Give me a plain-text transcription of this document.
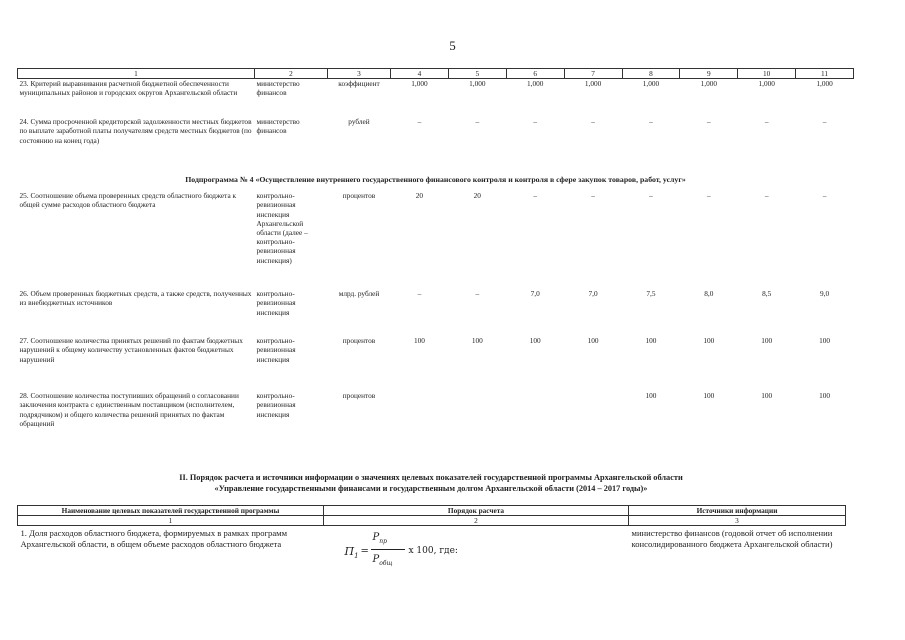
5
1	2	3	4	5	6	7	8	9	10	11
23. Критерий выравнивания расчетной бюджетной обеспеченности муниципальных районов и городских округов Архангельской области	министерство финансов	коэффициент	1,000	1,000	1,000	1,000	1,000	1,000	1,000	1,000
24. Сумма просроченной кредиторской задолженности местных бюджетов по выплате заработной платы получателям средств местных бюджетов (по состоянию на конец года)	министерство финансов	рублей	–	–	–	–	–	–	–	–
Подпрограмма № 4 «Осуществление внутреннего государственного финансового контроля и контроля в сфере закупок товаров, работ, услуг»										
25. Соотношение объема проверенных средств областного бюджета к общей сумме расходов областного бюджета	контрольно-ревизионная инспекция Архангельской области (далее – контрольно-ревизионная инспекция)	процентов	20	20	–	–	–	–	–	–
26. Объем проверенных бюджетных средств, а также средств, полученных из внебюджетных источников	контрольно-ревизионная инспекция	млрд. рублей	–	–	7,0	7,0	7,5	8,0	8,5	9,0
27. Соотношение количества принятых решений по фактам бюджетных нарушений к общему количеству установленных фактов бюджетных нарушений	контрольно-ревизионная инспекция	процентов	100	100	100	100	100	100	100	100
28. Соотношение количества поступивших обращений о согласовании заключения контракта с единственным поставщиком (исполнителем, подрядчиком) и общего количества решений принятых по фактам обращений	контрольно-ревизионная инспекция	процентов					100	100	100	100
II. Порядок расчета и источники информации о значениях целевых показателей государственной программы Архангельской области
«Управление государственными финансами и государственным долгом Архангельской области (2014 – 2017 годы)»
Наименование целевых показателей государственной программы	Порядок расчета	Источники информации
1	2	3
1. Доля расходов областного бюджета, формируемых в рамках программ Архангельской области, в общем объеме расходов областного бюджета	$П_1$ =
$P_{пр}$
$P_{общ}$
х 100, где:	министерство финансов (годовой отчет об исполнении консолидированного бюджета Архангельской области)
